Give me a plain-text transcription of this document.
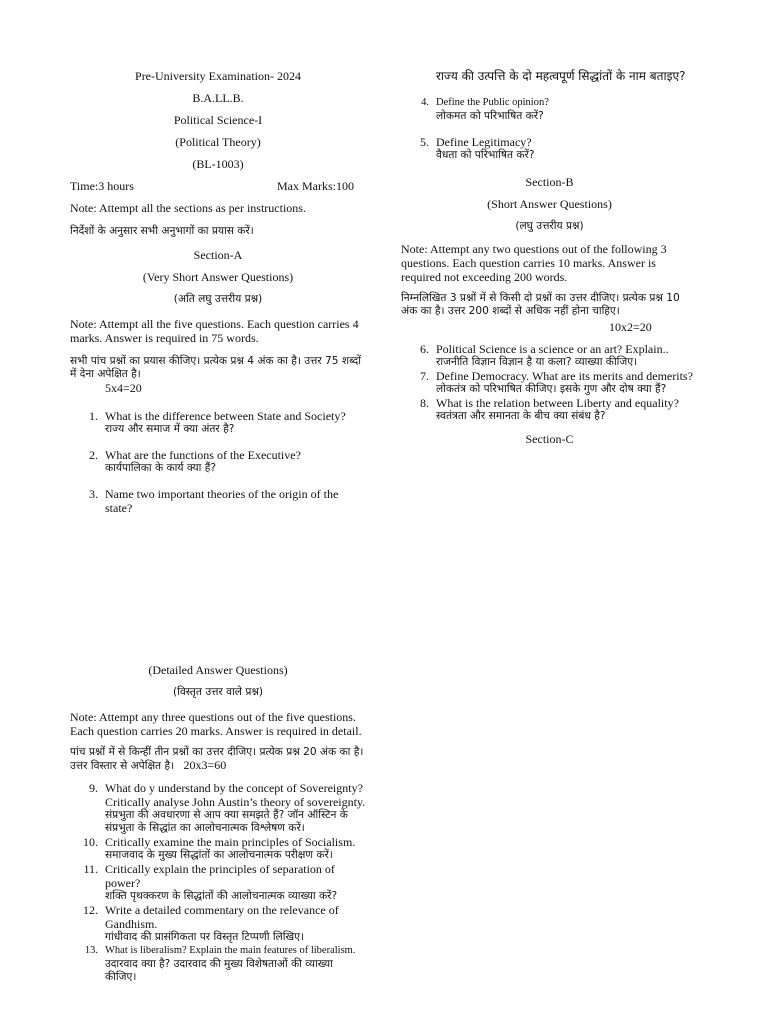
Pre-University Examination- 2024
B.A.LL.B.
Political Science-I
(Political Theory)
(BL-1003)
Time:3 hours	Max Marks:100
Note: Attempt all the sections as per instructions.
निर्देशों के अनुसार सभी अनुभागों का प्रयास करें।
Section-A
(Very Short Answer Questions)
(अति लघु उत्तरीय प्रश्न)

Note: Attempt all the five questions. Each question carries 4 marks. Answer is required in 75 words.

सभी पांच प्रश्नों का प्रयास कीजिए। प्रत्येक प्रश्न 4 अंक का है। उत्तर 75 शब्दों में देना अपेक्षित है।

5x4=20
1. What is the difference between State and Society?
राज्य और समाज में क्या अंतर है?
2. What are the functions of the Executive?
कार्यपालिका के कार्य क्या हैं?
3. Name two important theories of the origin of the state?
राज्य की उत्पत्ति के दो महत्वपूर्ण सिद्धांतों के नाम बताइए?
4. Define the Public opinion?
लोकमत को परिभाषित करें?
5. Define Legitimacy?
वैधता को परिभाषित करें?
Section-B
(Short Answer Questions)
(लघु उत्तरीय प्रश्न)

Note: Attempt any two questions out of the following 3 questions. Each question carries 10 marks. Answer is required not exceeding 200 words.

निम्नलिखित 3 प्रश्नों में से किसी दो प्रश्नों का उत्तर दीजिए। प्रत्येक प्रश्न 10 अंक का है। उत्तर 200 शब्दों से अधिक नहीं होना चाहिए।

10x2=20
6. Political Science is a science or an art? Explain..
राजनीति विज्ञान विज्ञान है या कला? व्याख्या कीजिए।
7. Define Democracy. What are its merits and demerits?
लोकतंत्र को परिभाषित कीजिए। इसके गुण और दोष क्या हैं?
8. What is the relation between Liberty and equality?
स्वतंत्रता और समानता के बीच क्या संबंध है?
Section-C
(Detailed Answer Questions)
(विस्तृत उत्तर वाले प्रश्न)

Note: Attempt any three questions out of the five questions. Each question carries 20 marks. Answer is required in detail.

पांच प्रश्नों में से किन्हीं तीन प्रश्नों का उत्तर दीजिए। प्रत्येक प्रश्न 20 अंक का है। उत्तर विस्तार से अपेक्षित है। 20x3=60

9. What do y understand by the concept of Sovereignty? Critically analyse John Austin’s theory of sovereignty.
संप्रभुता की अवधारणा से आप क्या समझते हैं? जॉन ऑस्टिन के संप्रभुता के सिद्धांत का आलोचनात्मक विश्लेषण करें।
10. Critically examine the main principles of Socialism.
समाजवाद के मुख्य सिद्धांतों का आलोचनात्मक परीक्षण करें।
11. Critically explain the principles of separation of power?
शक्ति पृथक्करण के सिद्धांतों की आलोचनात्मक व्याख्या करें?
12. Write a detailed commentary on the relevance of Gandhism.
गांधीवाद की प्रासंगिकता पर विस्तृत टिप्पणी लिखिए।
13. What is liberalism? Explain the main features of liberalism.
उदारवाद क्या है? उदारवाद की मुख्य विशेषताओं की व्याख्या कीजिए।
